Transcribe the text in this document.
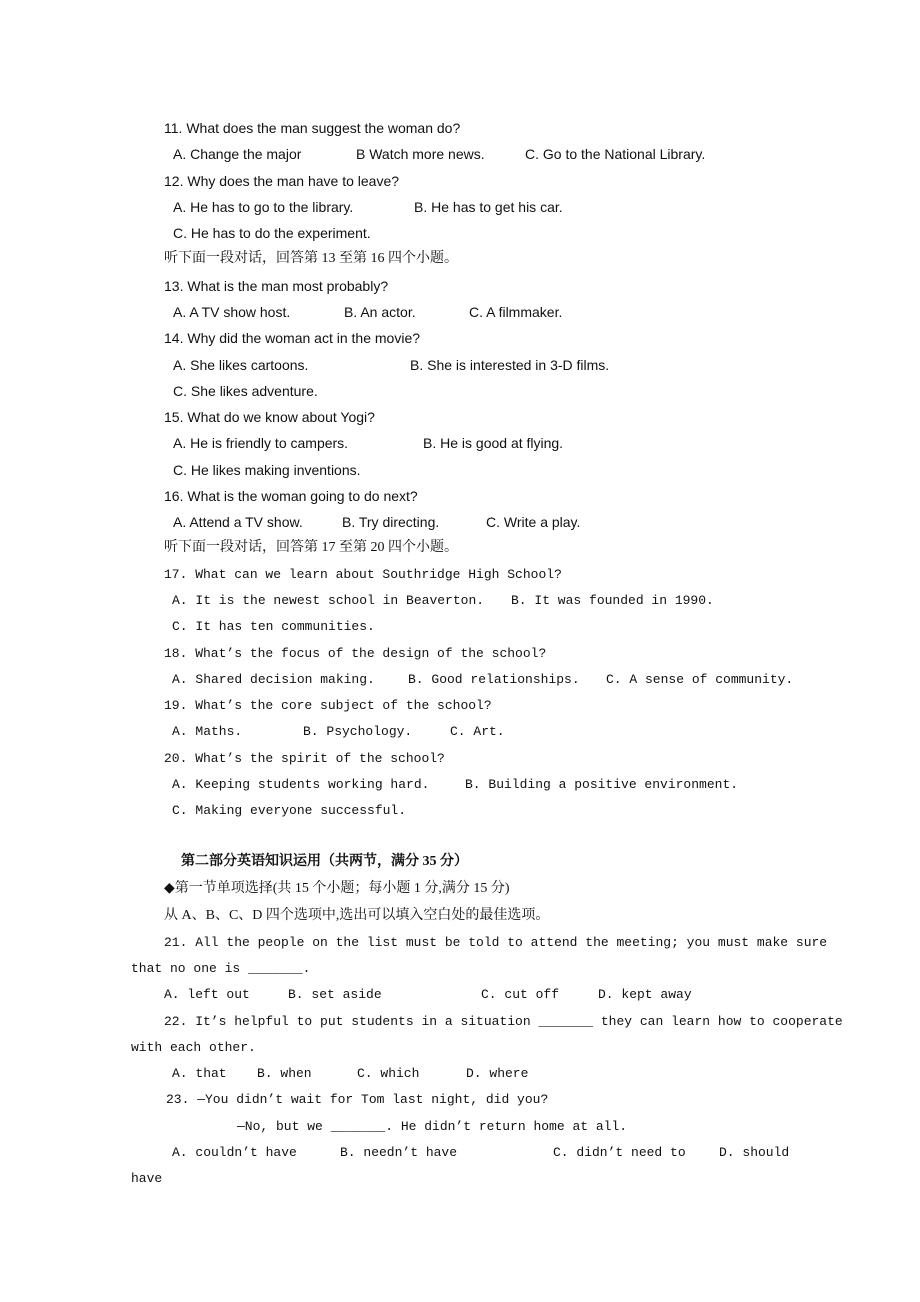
11. What does the man suggest the woman do?
A. Change the major	B Watch more news.	C. Go to the National Library.
12. Why does the man have to leave?
A. He has to go to the library.	B. He has to get his car.
C. He has to do the experiment.
听下面一段对话，回答第 13 至第 16 四个小题。
13. What is the man most probably?
A. A TV show host.	B. An actor.	C. A filmmaker.
14. Why did the woman act in the movie?
A. She likes cartoons.	B. She is interested in 3-D films.
C. She likes adventure.
15. What do we know about Yogi?
A. He is friendly to campers.	B. He is good at flying.
C. He likes making inventions.
16. What is the woman going to do next?
A. Attend a TV show.	B. Try directing.	C. Write a play.
听下面一段对话，回答第 17 至第 20 四个小题。
17. What can we learn about Southridge High School?
A. It is the newest school in Beaverton. B. It was founded in 1990.
C. It has ten communities.
18. What’s the focus of the design of the school?
A. Shared decision making.	B. Good relationships. C. A sense of community.
19. What’s the core subject of the school?
A. Maths.	B. Psychology.	C. Art.
20. What’s the spirit of the school?
A. Keeping students working hard.	B. Building a positive environment.
C. Making everyone successful.
第二部分英语知识运用（共两节，满分 35 分）
◆第一节单项选择(共 15 个小题；每小题 1 分,满分 15 分)
从 A、B、C、D 四个选项中,选出可以填入空白处的最佳选项。
21. All the people on the list must be told to attend the meeting; you must make sure
that no one is _______.
A. left out	B. set aside	C. cut off	D. kept away
22. It’s helpful to put students in a situation _______ they can learn how to cooperate
with each other.
A. that B. when	C. which	D. where
23. —You didn’t wait for Tom last night, did you?
—No, but we _______. He didn’t return home at all.
A. couldn’t have	B. needn’t have	C. didn’t need to	D. should
have
